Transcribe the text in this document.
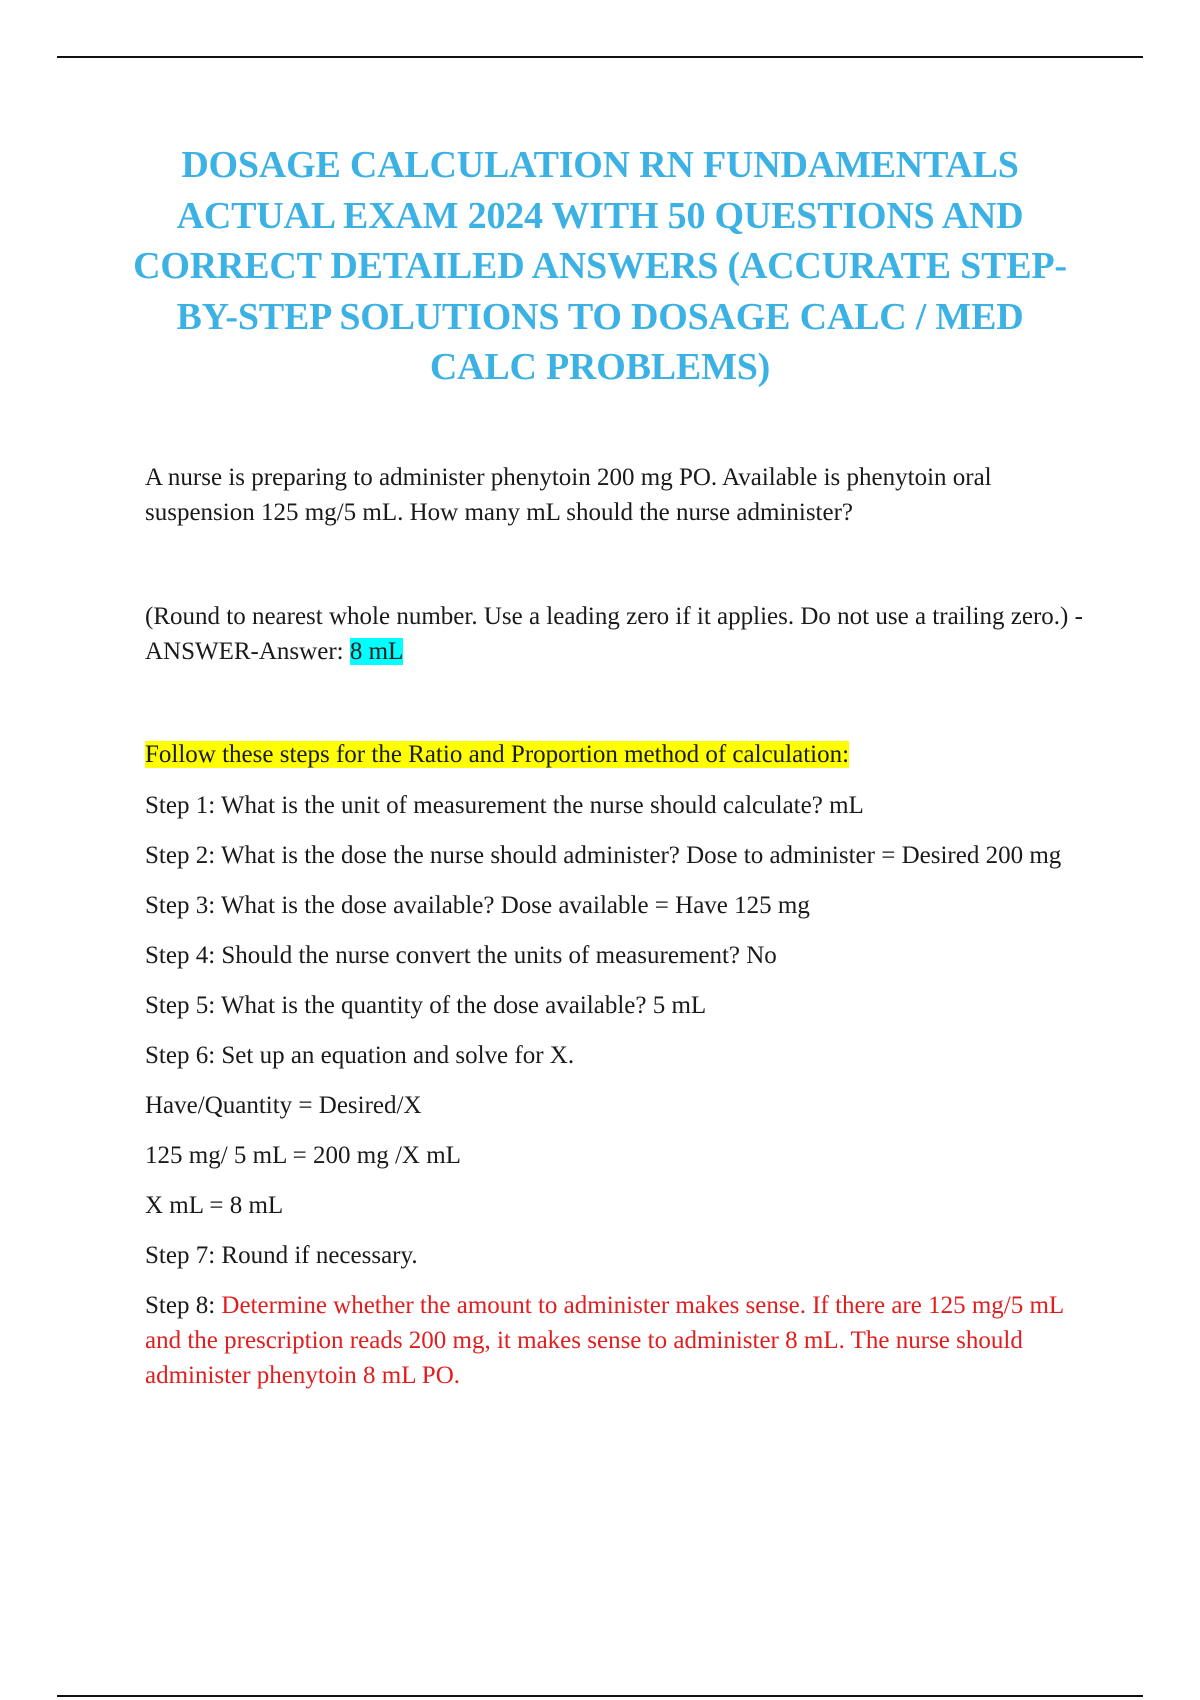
DOSAGE CALCULATION RN FUNDAMENTALS ACTUAL EXAM 2024 WITH 50 QUESTIONS AND CORRECT DETAILED ANSWERS (ACCURATE STEP-BY-STEP SOLUTIONS TO DOSAGE CALC / MED CALC PROBLEMS)

A nurse is preparing to administer phenytoin 200 mg PO. Available is phenytoin oral suspension 125 mg/5 mL. How many mL should the nurse administer?

(Round to nearest whole number. Use a leading zero if it applies. Do not use a trailing zero.) - ANSWER-Answer: 8 mL

Follow these steps for the Ratio and Proportion method of calculation:

Step 1: What is the unit of measurement the nurse should calculate? mL

Step 2: What is the dose the nurse should administer? Dose to administer = Desired 200 mg

Step 3: What is the dose available? Dose available = Have 125 mg

Step 4: Should the nurse convert the units of measurement? No

Step 5: What is the quantity of the dose available? 5 mL

Step 6: Set up an equation and solve for X.

Have/Quantity = Desired/X

125 mg/ 5 mL = 200 mg /X mL

X mL = 8 mL

Step 7: Round if necessary.

Step 8: Determine whether the amount to administer makes sense. If there are 125 mg/5 mL and the prescription reads 200 mg, it makes sense to administer 8 mL. The nurse should administer phenytoin 8 mL PO.
